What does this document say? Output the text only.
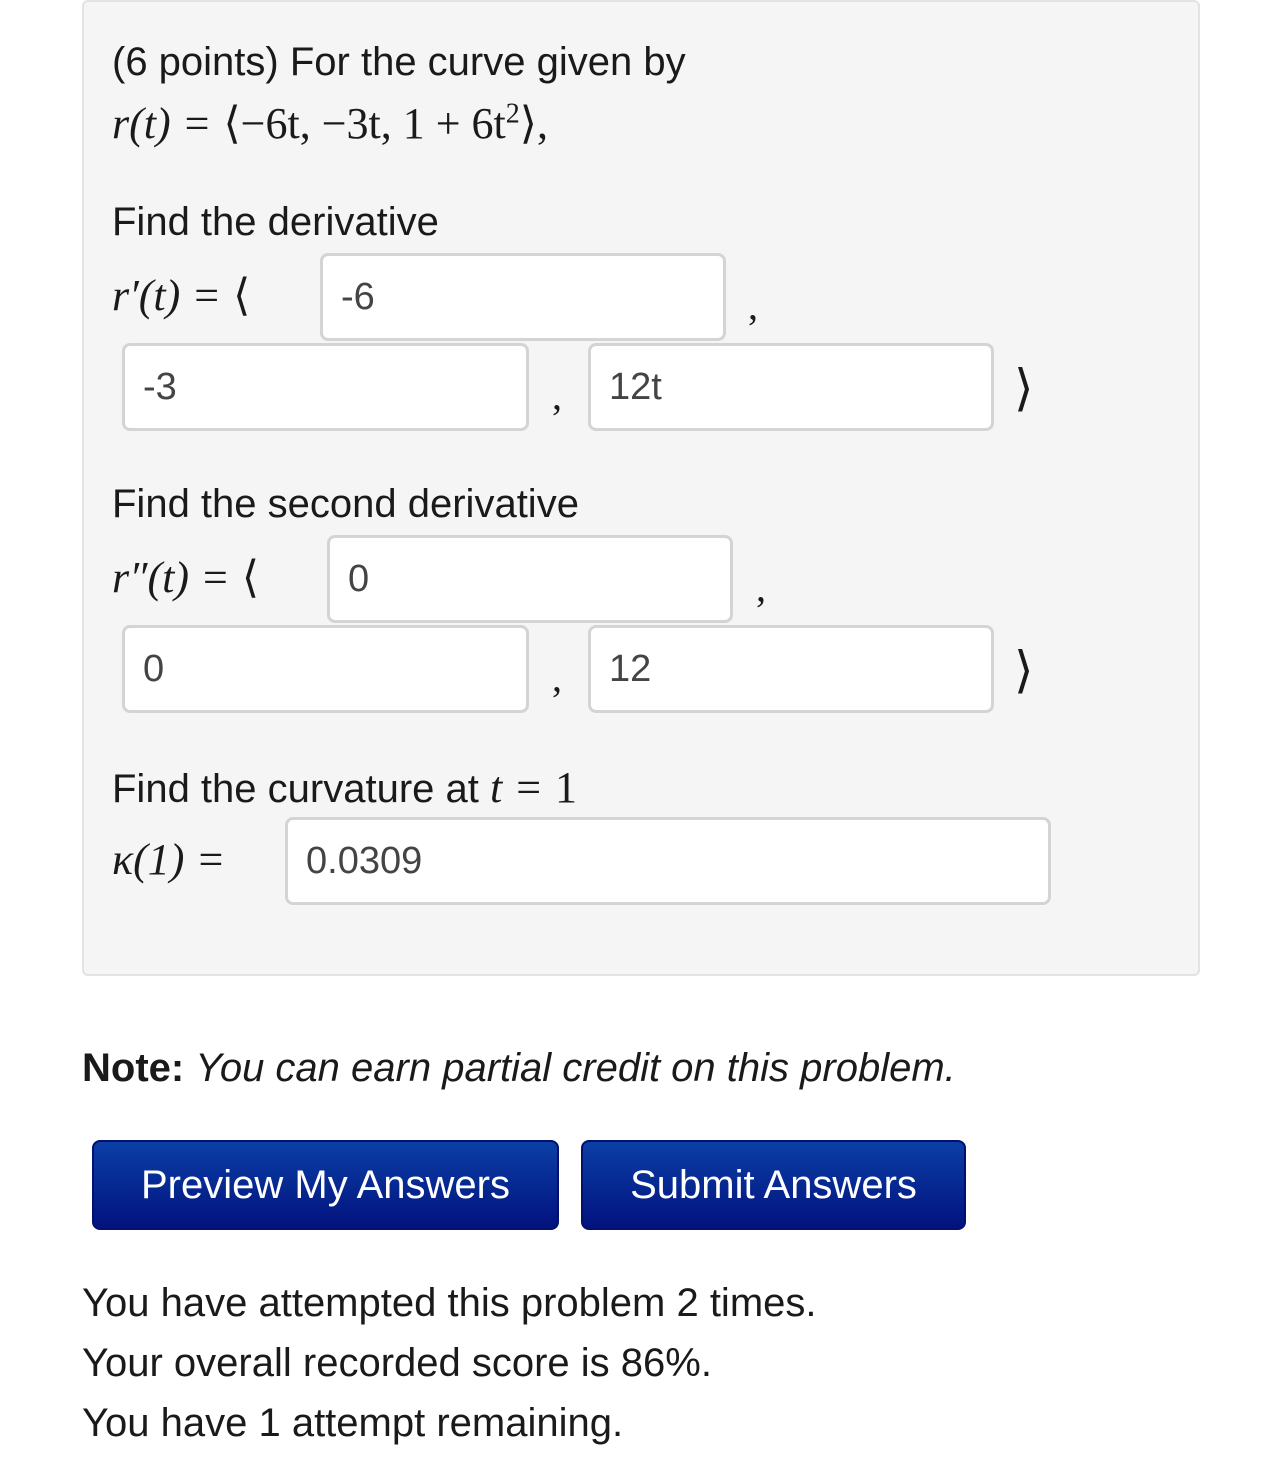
(6 points) For the curve given by
r(t) = ⟨−6t, −3t, $1 + 6t^2⟩$,
Find the derivative
r′(t) = ⟨
-6	,
-3
,
12t	⟩
Find the second derivative
r″(t) = ⟨
0	,
0
,
12	⟩
Find the curvature at t = 1
κ(1) =
0.0309
Note: You can earn partial credit on this problem.
Preview My Answers	Submit Answers
You have attempted this problem 2 times.
Your overall recorded score is 86%.
You have 1 attempt remaining.
